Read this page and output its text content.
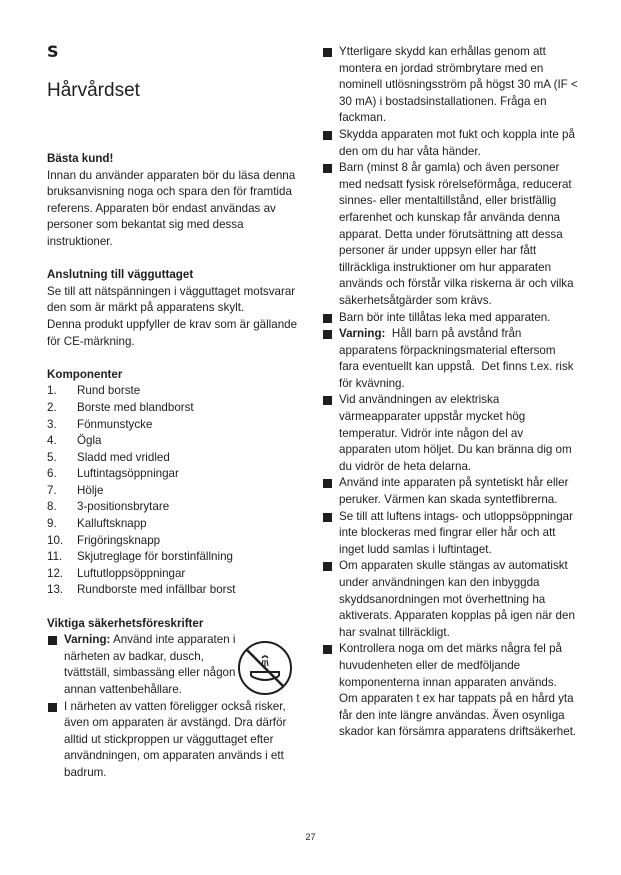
S
Hårvårdset
Bästa kund!

Innan du använder apparaten bör du läsa denna bruksanvisning noga och spara den för framtida referens. Apparaten bör endast användas av personer som bekantat sig med dessa instruktioner.

Anslutning till vägguttaget

Se till att nätspänningen i vägguttaget motsvarar den som är märkt på apparatens skylt.

Denna produkt uppfyller de krav som är gällande för CE-märkning.

Komponenter
1.	Rund borste
2.	Borste med blandborst
3.	Fönmunstycke
4.	Ögla
5.	Sladd med vridled
6.	Luftintagsöppningar
7.	Hölje
8.	3-positionsbrytare
9.	Kalluftsknapp
10.	Frigöringsknapp
11.	Skjutreglage för borstinfällning
12.	Luftutloppsöppningar
13.	Rundborste med infällbar borst
Viktiga säkerhetsföreskrifter
Varning: Använd inte apparaten i närheten av badkar, dusch, tvättställ, simbassäng eller någon annan vattenbehållare.
I närheten av vatten föreligger också risker, även om apparaten är avstängd. Dra därför alltid ut stickproppen ur vägguttaget efter användningen, om apparaten används i ett badrum.
Ytterligare skydd kan erhållas genom att montera en jordad strömbrytare med en nominell utlösningsström på högst 30 mA (IF < 30 mA) i bostadsinstallationen. Fråga en fackman.
Skydda apparaten mot fukt och koppla inte på den om du har våta händer.
Barn (minst 8 år gamla) och även personer med nedsatt fysisk rörelseförmåga, reducerat sinnes- eller mentaltillstånd, eller bristfällig erfarenhet och kunskap får använda denna apparat. Detta under förutsättning att dessa personer är under uppsyn eller har fått tillräckliga instruktioner om hur apparaten används och förstår vilka riskerna är och vilka säkerhetsåtgärder som krävs.
Barn bör inte tillåtas leka med apparaten.
Varning:  Håll barn på avstånd från apparatens förpackningsmaterial eftersom fara eventuellt kan uppstå.  Det finns t.ex. risk för kvävning.
Vid användningen av elektriska värmeapparater uppstår mycket hög temperatur. Vidrör inte någon del av apparaten utom höljet. Du kan bränna dig om du vidrör de heta delarna.
Använd inte apparaten på syntetiskt hår eller peruker. Värmen kan skada syntetfibrerna.
Se till att luftens intags- och utloppsöppningar inte blockeras med fingrar eller hår och att inget ludd samlas i luftintaget.
Om apparaten skulle stängas av automatiskt under användningen kan den inbyggda skyddsanordningen mot överhettning ha aktiverats. Apparaten kopplas på igen när den har svalnat tillräckligt.
Kontrollera noga om det märks några fel på huvudenheten eller de medföljande komponenterna innan apparaten används. Om apparaten t ex har tappats på en hård yta får den inte längre användas. Även osynliga skador kan försämra apparatens driftsäkerhet.
27
